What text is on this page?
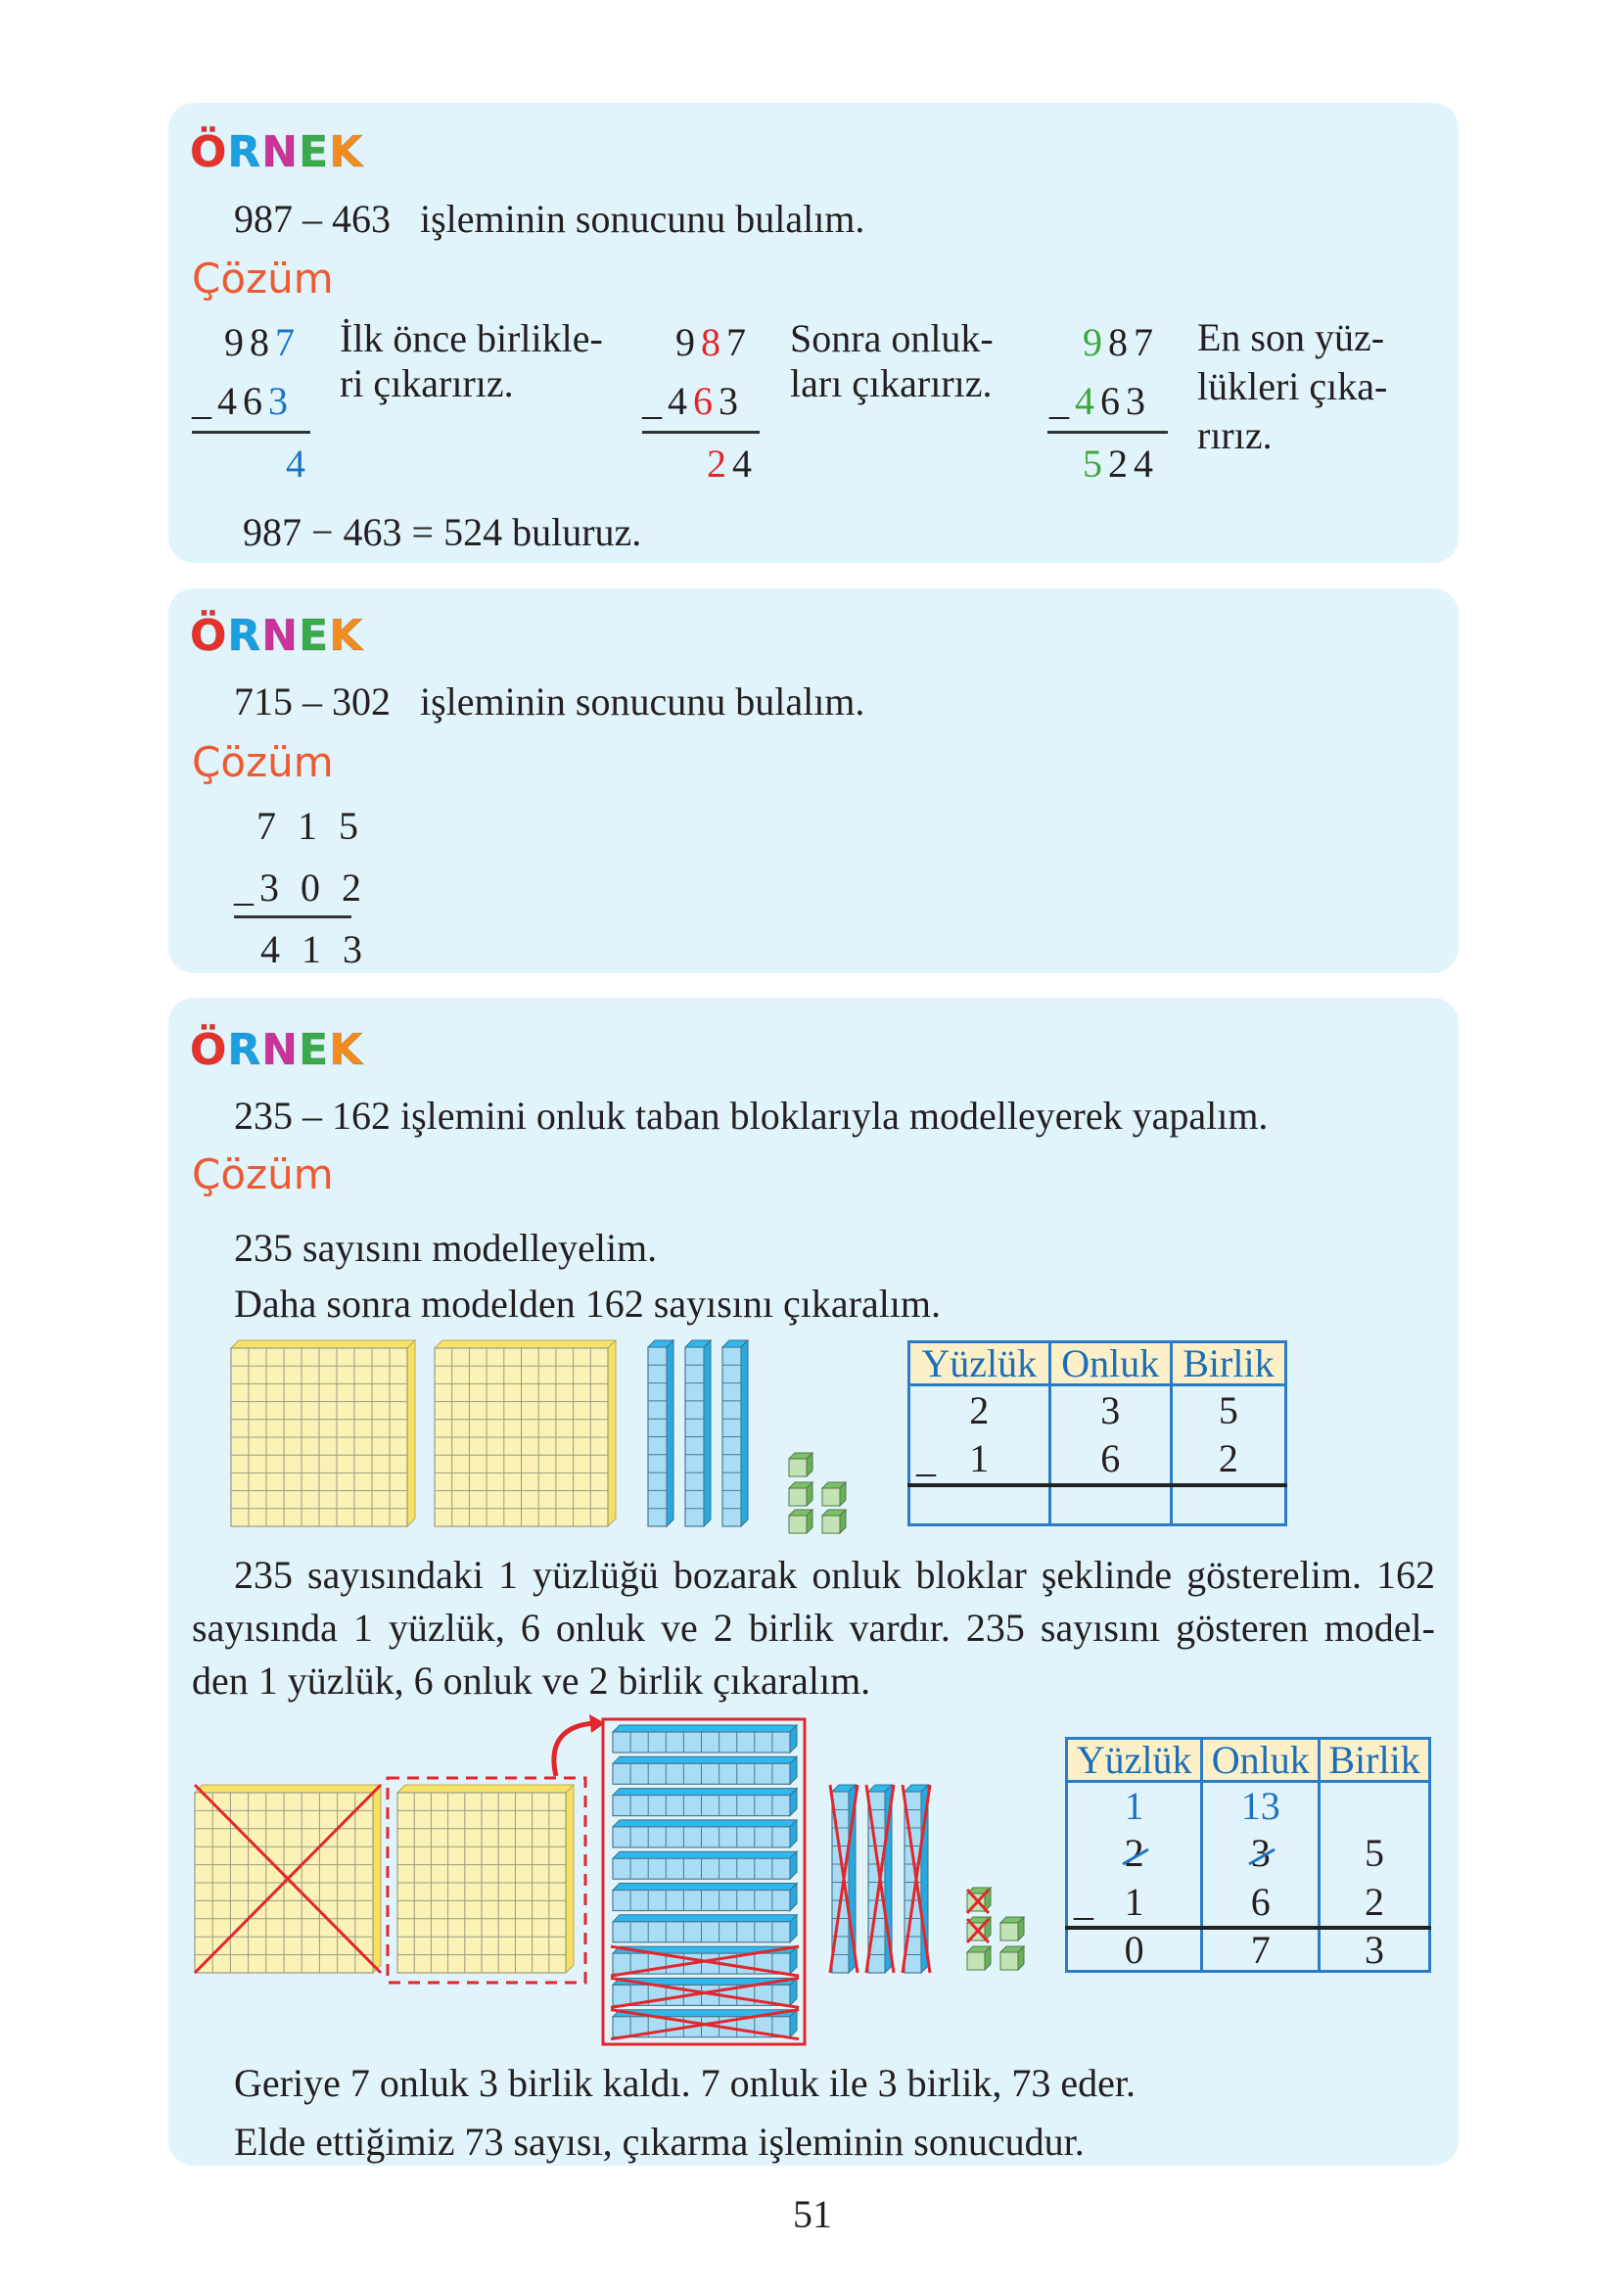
ÖRNEK
987 – 463 işleminin sonucunu bulalım.
Çözüm
987
_463
4
İlk önce birlikle-
ri çıkarırız.
987
_463
24
Sonra onluk-
ları çıkarırız.
987
_463
524
En son yüz-
lükleri çıka-
rırız.
987 − 463 = 524 buluruz.
ÖRNEK
715 – 302 işleminin sonucunu bulalım.
Çözüm
7 1 5
_3 0 2
4 1 3
ÖRNEK
235 – 162 işlemini onluk taban bloklarıyla modelleyerek yapalım.
Çözüm
235 sayısını modelleyelim.
Daha sonra modelden 162 sayısını çıkaralım.
Yüzlük	Onluk	Birlik
2	3	5

_ 1	6	2

235 sayısındaki 1 yüzlüğü bozarak onluk bloklar şeklinde gösterelim. 162
sayısında 1 yüzlük, 6 onluk ve 2 birlik vardır. 235 sayısını gösteren model-
den 1 yüzlük, 6 onluk ve 2 birlik çıkaralım.
Yüzlük	Onluk	Birlik
1	13	
2	3	5

_ 1	6	2
0	7	3
Geriye 7 onluk 3 birlik kaldı. 7 onluk ile 3 birlik, 73 eder.
Elde ettiğimiz 73 sayısı, çıkarma işleminin sonucudur.
51
